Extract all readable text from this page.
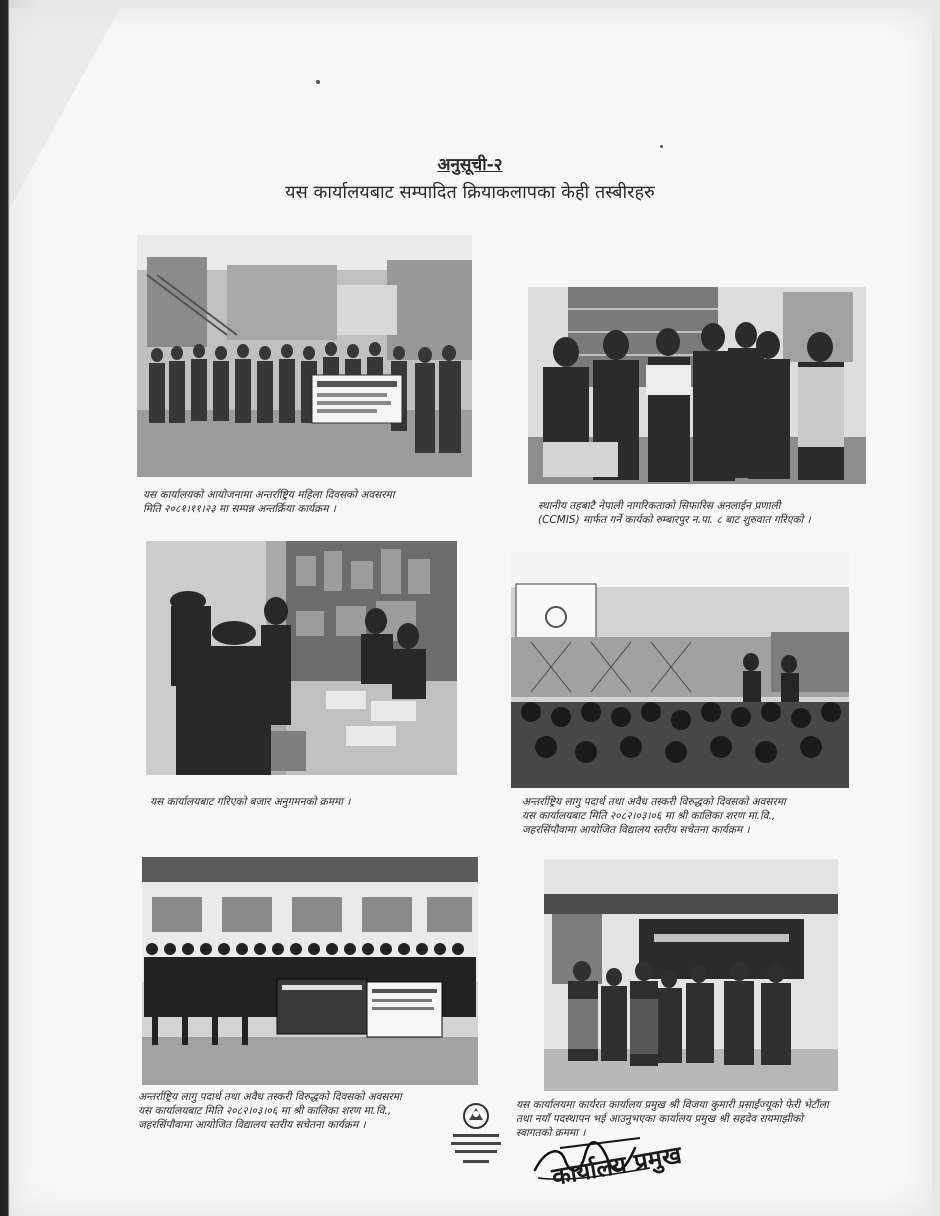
अनुसूची-२
यस कार्यालयबाट सम्पादित क्रियाकलापका केही तस्बीरहरु
यस कार्यालयको आयोजनामा अन्तर्राष्ट्रिय महिला दिवसको अवसरमा
मिति २०८१।११।२३ मा सम्पन्न अन्तर्क्रिया कार्यक्रम ।	स्थानीय तहबाटै नेपाली नागरिकताको सिफारिस अनलाईन प्रणाली
(CCMIS) मार्फत गर्ने कार्यको रुम्बारपुर न.पा. ८ बाट शुरुवात गरिएको ।
यस कार्यालयबाट गरिएको बजार अनुगमनको क्रममा ।	अन्तर्राष्ट्रिय लागु पदार्थ तथा अवैध तस्करी विरुद्धको दिवसको अवसरमा
यस कार्यालयबाट मिति २०८२।०३।०६ मा श्री कालिका शरण मा.वि.,
जहरसिंपौवामा आयोजित विद्यालय स्तरीय सचेतना कार्यक्रम ।
अन्तर्राष्ट्रिय लागु पदार्थ तथा अवैध तस्करी विरुद्धको दिवसको अवसरमा
यस कार्यालयबाट मिति २०८२।०३।०६ मा श्री कालिका शरण मा.वि.,
जहरसिंपौवामा आयोजित विद्यालय स्तरीय सचेतना कार्यक्रम ।
यस कार्यालयमा कार्यरत कार्यालय प्रमुख श्री विजया कुमारी प्रसाईंज्यूको फेरी भेटौंला
तथा नयाँ पदस्थापन भई आउनुभएका कार्यालय प्रमुख श्री सहदेव रायमाझीको
स्वागतको क्रममा ।
कार्यालय प्रमुख
